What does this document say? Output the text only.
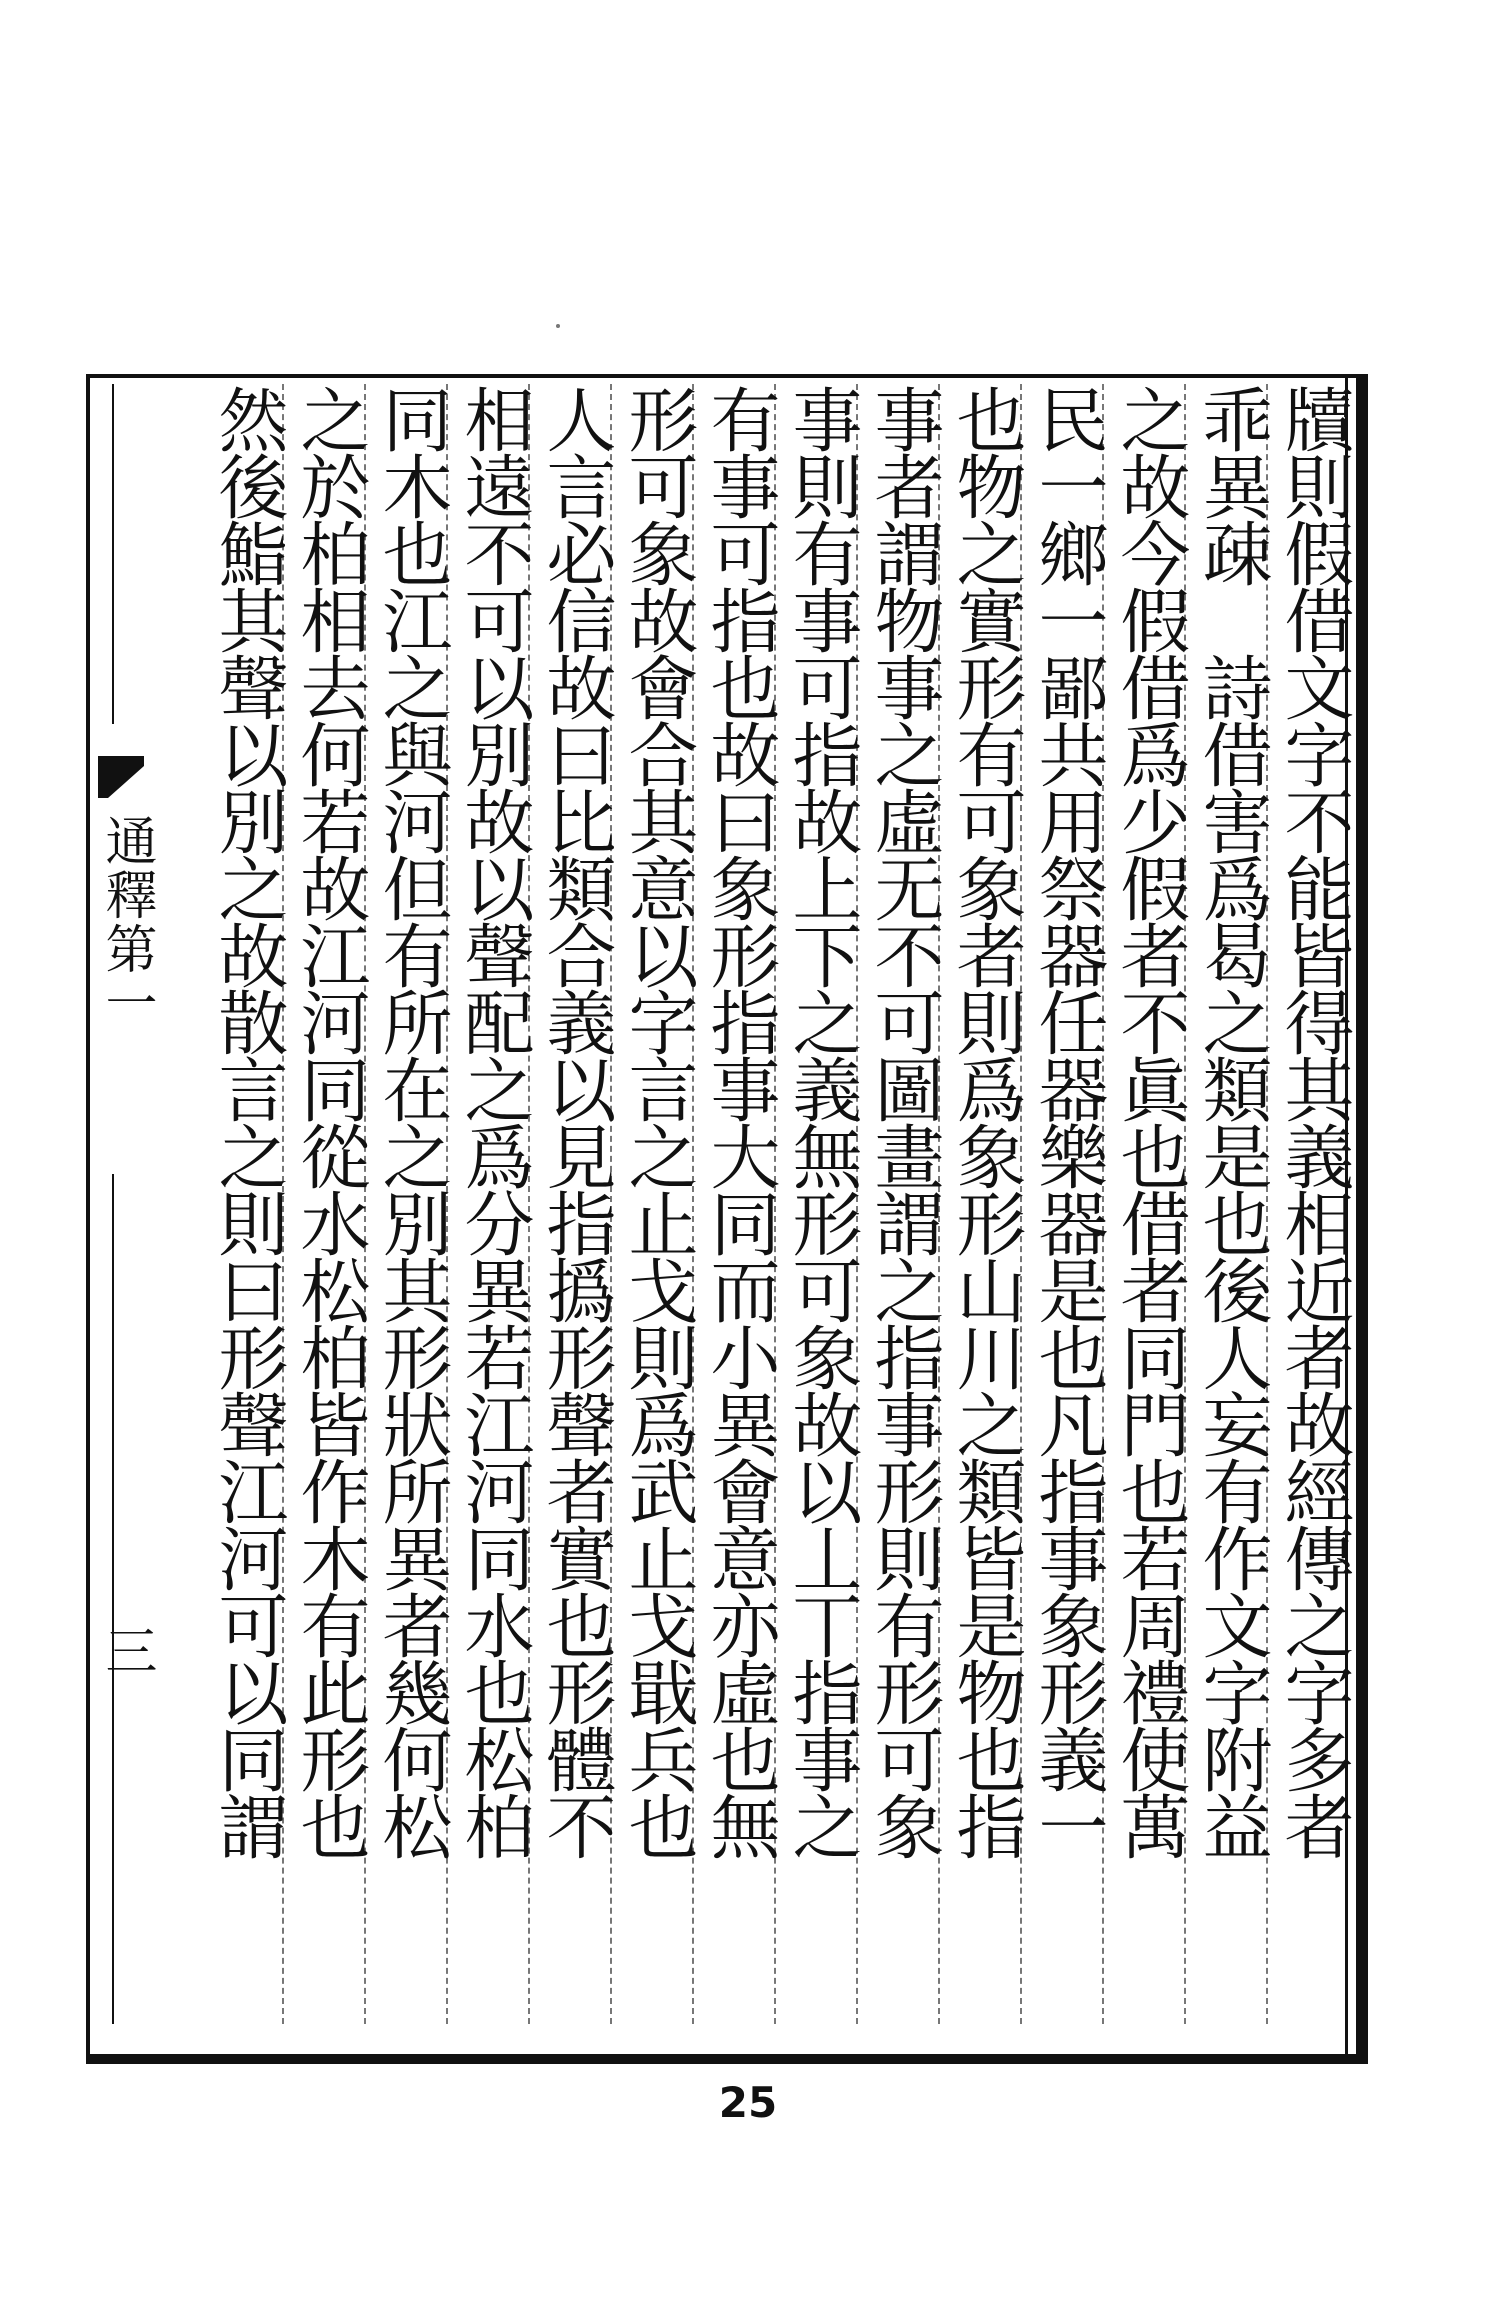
通釋第一
三	牘則假借文字不能皆得其義相近者故經傳之字多者
乖異疎　詩借害爲曷之類是也後人妄有作文字附益
之故今假借爲少假者不眞也借者同門也若周禮使萬
民一鄉一鄙共用祭器任器樂器是也凡指事象形義一
也物之實形有可象者則爲象形山川之類皆是物也指
事者謂物事之虛无不可圖畫謂之指事形則有形可象
事則有事可指故上下之義無形可象故以丄丅指事之
有事可指也故曰象形指事大同而小異會意亦虛也無
形可象故會合其意以字言之止戈則爲武止戈戢兵也
人言必信故曰比類合義以見指撝形聲者實也形體不
相遠不可以別故以聲配之爲分異若江河同水也松柏
同木也江之與河但有所在之別其形狀所異者幾何松
之於柏相去何若故江河同從水松柏皆作木有此形也
然後鮨其聲以別之故散言之則曰形聲江河可以同謂
25
